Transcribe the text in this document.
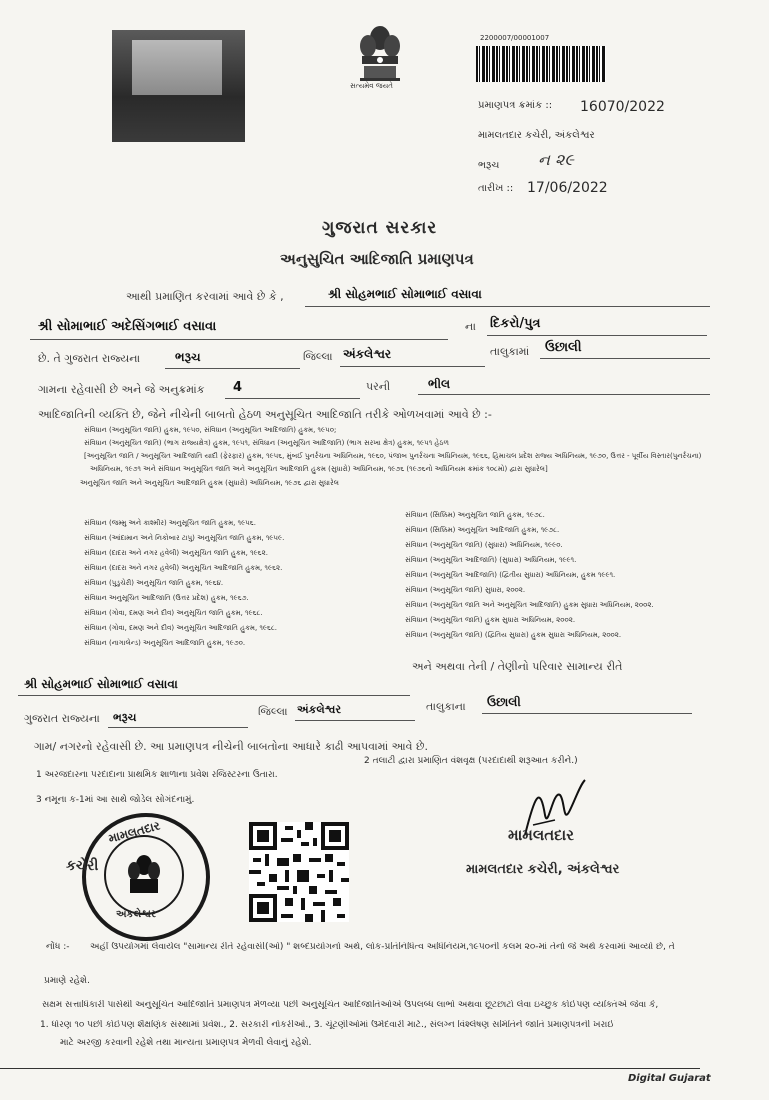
સત્યમેવ જયતે
2200007/00001007
પ્રમાણપત્ર ક્રમાંક :: 16070/2022
મામલતદાર કચેરી, અંકલેશ્વર
ભરૂચ ન ૨૯
તારીખ :: 17/06/2022
ગુજરાત સરકાર
અનુસુચિત આદિજાતિ પ્રમાણપત્ર
આથી પ્રમાણિત કરવામાં આવે છે કે ,	શ્રી સોહમભાઈ સોમાભાઈ વસાવા
શ્રી સોમાભાઈ અદેસિંગભાઈ વસાવા	ના દિકરો/પુત્ર
છે. તે ગુજરાત રાજ્યના	ભરૂચ	જિલ્લા અંકલેશ્વર	તાલુકામાં ઉછાલી
ગામના રહેવાસી છે અને જે અનુક્રમાંક 4	પરની	ભીલ
આદિજાતિની વ્યક્તિ છે, જેને નીચેની બાબતો હેઠળ અનુસૂચિત આદિજાતિ તરીકે ઓળખવામાં આવે છે :-
સંવિધાન (અનુસૂચિત જાતિ) હુકમ, ૧૯૫૦, સંવિધાન (અનુસૂચિત આદિજાતિ) હુકમ, ૧૯૫૦;
સંવિધાન (અનુસૂચિત જાતિ) (ભાગ રાજ્યક્ષેત્ર) હુકમ, ૧૯૫૧, સંવિધાન (અનુસૂચિત આદિજાતિ) (ભાગ સરખા ક્ષેત્ર) હુકમ, ૧૯૫૧ હેઠળ
[અનુસૂચિત જાતિ / અનુસૂચિત આદિજાતિ યાદી (ફેરફાર) હુકમ, ૧૯૫૬, મુંબઈ પુનર્રચના અધિનિયમ, ૧૯૬૦, પંજાબ પુનર્રચના અધિનિયમ, ૧૯૬૬, હિમાચલ પ્રદેશ રાજ્ય અધિનિયમ, ૧૯૭૦, ઉત્તર - પૂર્વીય વિસ્તાર(પુનર્રચના)
અધિનિયમ, ૧૯૭૧ અને સંવિધાન અનુસૂચિત જાતિ અને અનુસૂચિત આદિજાતિ હુકમ (સુધારો) અધિનિયમ, ૧૯૭૬ (૧૯૭૬નો અધિનિયમ ક્રમાંક ૧૦૮મો) દ્વારા સુધારેલ]
અનુસૂચિત જાતિ અને અનુસૂચિત આદિજાતિ હુકમ (સુધારો) અધિનિયમ, ૧૯૭૬ દ્વારા સુધારેલ
સંવિધાન (જમ્મુ અને કાશ્મીર) અનુસૂચિત જાતિ હુકમ, ૧૯૫૬.
સંવિધાન (આંદામાન અને નિકોબાર ટાપુ) અનુસૂચિત જાતિ હુકમ, ૧૯૫૯.
સંવિધાન (દાદરા અને નગર હવેલી) અનુસૂચિત જાતિ હુકમ, ૧૯૬૨.
સંવિધાન (દાદરા અને નગર હવેલી) અનુસૂચિત આદિજાતિ હુકમ, ૧૯૬૨.
સંવિધાન (પુડુચેરી) અનુસૂચિત જાતિ હુકમ, ૧૯૬૪.
સંવિધાન અનુસૂચિત આદિજાતિ (ઉત્તર પ્રદેશ) હુકમ, ૧૯૬૭.
સંવિધાન (ગોવા, દમણ અને દીવ) અનુસૂચિત જાતિ હુકમ, ૧૯૬૮.
સંવિધાન (ગોવા, દમણ અને દીવ) અનુસૂચિત આદિજાતિ હુકમ, ૧૯૬૮.
સંવિધાન (નાગાલેન્ડ) અનુસૂચિત આદિજાતિ હુકમ, ૧૯૭૦.
સંવિધાન (સિક્કિમ) અનુસૂચિત જાતિ હુકમ, ૧૯૭૮.
સંવિધાન (સિક્કિમ) અનુસૂચિત આદિજાતિ હુકમ, ૧૯૭૮.
સંવિધાન (અનુસૂચિત જાતિ) (સુધારા) અધિનિયમ, ૧૯૯૦.
સંવિધાન (અનુસૂચિત આદિજાતિ) (સુધારા) અધિનિયમ, ૧૯૯૧.
સંવિધાન (અનુસૂચિત આદિજાતિ) (દ્વિતીય સુધારા) અધિનિયમ, હુકમ ૧૯૯૧.
સંવિધાન (અનુસૂચિત જાતિ) સુધારા, ૨૦૦૨.
સંવિધાન (અનુસૂચિત જાતિ અને અનુસૂચિત આદિજાતિ) હુકમ સુધારા અધિનિયમ, ૨૦૦૨.
સંવિધાન (અનુસૂચિત જાતિ) હુકમ સુધારા અધિનિયમ, ૨૦૦૨.
સંવિધાન (અનુસૂચિત જાતિ) (દ્વિતિય સુધારા) હુકમ સુધારા અધિનિયમ, ૨૦૦૨.
અને અથવા તેની / તેણીનો પરિવાર સામાન્ય રીતે
શ્રી સોહમભાઈ સોમાભાઈ વસાવા
ગુજરાત રાજ્યના ભરૂચ	જિલ્લા અંકલેશ્વર	તાલુકાના ઉછાલી
ગામ/ નગરનો રહેવાસી છે. આ પ્રમાણપત્ર નીચેની બાબતોના આધારે કાઢી આપવામાં આવે છે.
1 અરજદારના પરદાદાના પ્રાથમિક શાળાના પ્રવેશ રજિસ્ટરના ઉતારા.
2 તલાટી દ્વારા પ્રમાણિત વંશવૃક્ષ (પરદાદાથી શરૂઆત કરીને.)
3 નમૂના ક-1માં આ સાથે જોડેલ સોગંદનામું.
મામલતદાર
મામલતદાર કચેરી, અંકલેશ્વર
મામલતદાર
અંકલેશ્વર
કચેરી
નોંધ :- અહીં ઉપયોગમાં લેવાયેલ "સામાન્ય રીતે રહેવાસી(ઓ) " શબ્દપ્રયોગનો અર્થ, લોક-પ્રતિનિધિત્વ અધિનિયમ,૧૯૫૦ની કલમ ૨૦-માં તેનો જે અર્થ કરવામાં આવ્યો છે, તે
પ્રમાણે રહેશે.
સક્ષમ સત્તાધિકારી પાસેથી અનુસૂચિત આદિજાતિ પ્રમાણપત્ર મેળવ્યા પછી અનુસૂચિત આદિજાતિઓએ ઉપલબ્ધ લાભો અથવા છૂટછાટો લેવા ઇચ્છુક કોઈપણ વ્યક્તિએ જેવા કે,
1. ધોરણ ૧૦ પછી કોઈપણ શૈક્ષણિક સંસ્થામાં પ્રવેશ., 2. સરકારી નોકરીઓ., 3. ચૂંટણીઓમાં ઉમેદવારી માટે., સંલગ્ન વિશ્લેષણ સમિતિને જાતિ પ્રમાણપત્રની ખરાઈ
માટે અરજી કરવાની રહેશે તથા માન્યતા પ્રમાણપત્ર મેળવી લેવાનું રહેશે.
Digital Gujarat
